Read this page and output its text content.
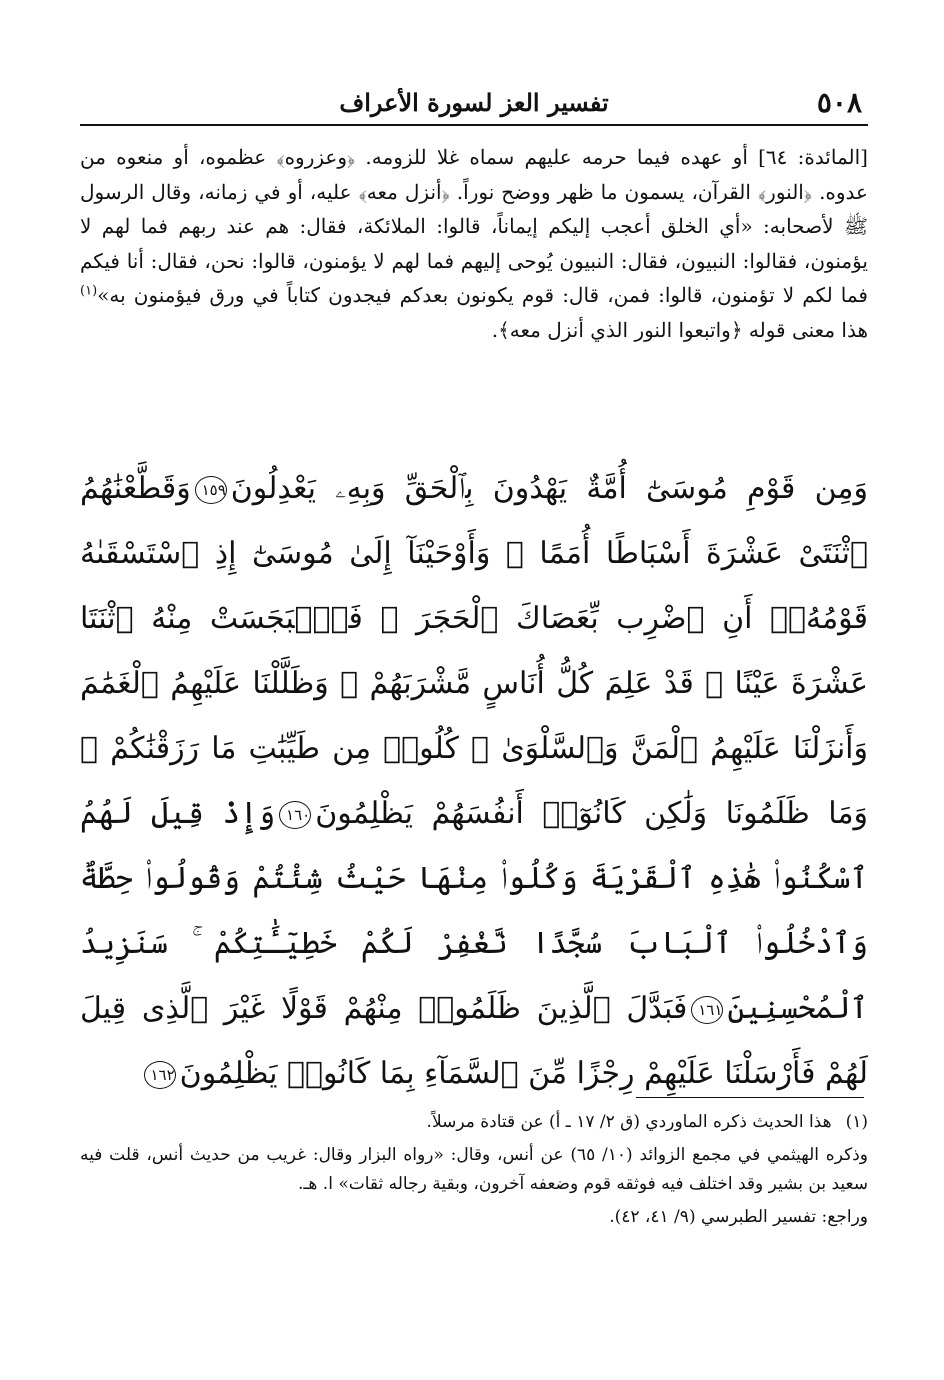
٥٠٨
تفسير العز لسورة الأعراف

[المائدة: ٦٤] أو عهده فيما حرمه عليهم سماه غلا للزومه. ﴿وعزروه﴾ عظموه، أو منعوه من عدوه. ﴿النور﴾ القرآن، يسمون ما ظهر ووضح نوراً. ﴿أنزل معه﴾ عليه، أو في زمانه، وقال الرسول ﷺ لأصحابه: «أي الخلق أعجب إليكم إيماناً، قالوا: الملائكة، فقال: هم عند ربهم فما لهم لا يؤمنون، فقالوا: النبيون، فقال: النبيون يُوحى إليهم فما لهم لا يؤمنون، قالوا: نحن، فقال: أنا فيكم فما لكم لا تؤمنون، قالوا: فمن، قال: قوم يكونون بعدكم فيجدون كتاباً في ورق فيؤمنون به»$^{(١)}$ هذا معنى قوله ﴿واتبعوا النور الذي أنزل معه﴾.

وَمِن قَوْمِ مُوسَىٰٓ أُمَّةٌ يَهْدُونَ بِٱلْحَقِّ وَبِهِۦ يَعْدِلُونَ١٥٩وَقَطَّعْنَٰهُمُ ٱثْنَتَىْ عَشْرَةَ أَسْبَاطًا أُمَمًا ۚ وَأَوْحَيْنَآ إِلَىٰ مُوسَىٰٓ إِذِ ٱسْتَسْقَىٰهُ قَوْمُهُۥٓ أَنِ ٱضْرِب بِّعَصَاكَ ٱلْحَجَرَ ۖ فَٱنۢبَجَسَتْ مِنْهُ ٱثْنَتَا عَشْرَةَ عَيْنًا ۖ قَدْ عَلِمَ كُلُّ أُنَاسٍ مَّشْرَبَهُمْ ۚ وَظَلَّلْنَا عَلَيْهِمُ ٱلْغَمَٰمَ وَأَنزَلْنَا عَلَيْهِمُ ٱلْمَنَّ وَٱلسَّلْوَىٰ ۖ كُلُوا۟ مِن طَيِّبَٰتِ مَا رَزَقْنَٰكُمْ ۚ وَمَا ظَلَمُونَا وَلَٰكِن كَانُوٓا۟ أَنفُسَهُمْ يَظْلِمُونَ١٦٠وَإِذْ قِيلَ لَهُمُ ٱسْكُنُوا۟ هَٰذِهِ ٱلْقَرْيَةَ وَكُلُوا۟ مِنْهَا حَيْثُ شِئْتُمْ وَقُولُوا۟ حِطَّةٌ وَٱدْخُلُوا۟ ٱلْبَابَ سُجَّدًا نَّغْفِرْ لَكُمْ خَطِيٓـَٰٔتِكُمْ ۚ سَنَزِيدُ ٱلْمُحْسِنِينَ١٦١فَبَدَّلَ ٱلَّذِينَ ظَلَمُوا۟ مِنْهُمْ قَوْلًا غَيْرَ ٱلَّذِى قِيلَ لَهُمْ فَأَرْسَلْنَا عَلَيْهِمْ رِجْزًا مِّنَ ٱلسَّمَآءِ بِمَا كَانُوا۟ يَظْلِمُونَ١٦٢

(١)هذا الحديث ذكره الماوردي (ق ٢/ ١٧ ـ أ) عن قتادة مرسلاً.

وذكره الهيثمي في مجمع الزوائد (١٠/ ٦٥) عن أنس، وقال: «رواه البزار وقال: غريب من حديث أنس، قلت فيه سعيد بن بشير وقد اختلف فيه فوثقه قوم وضعفه آخرون، وبقية رجاله ثقات» ا. هـ.

وراجع: تفسير الطبرسي (٩/ ٤١، ٤٢).
